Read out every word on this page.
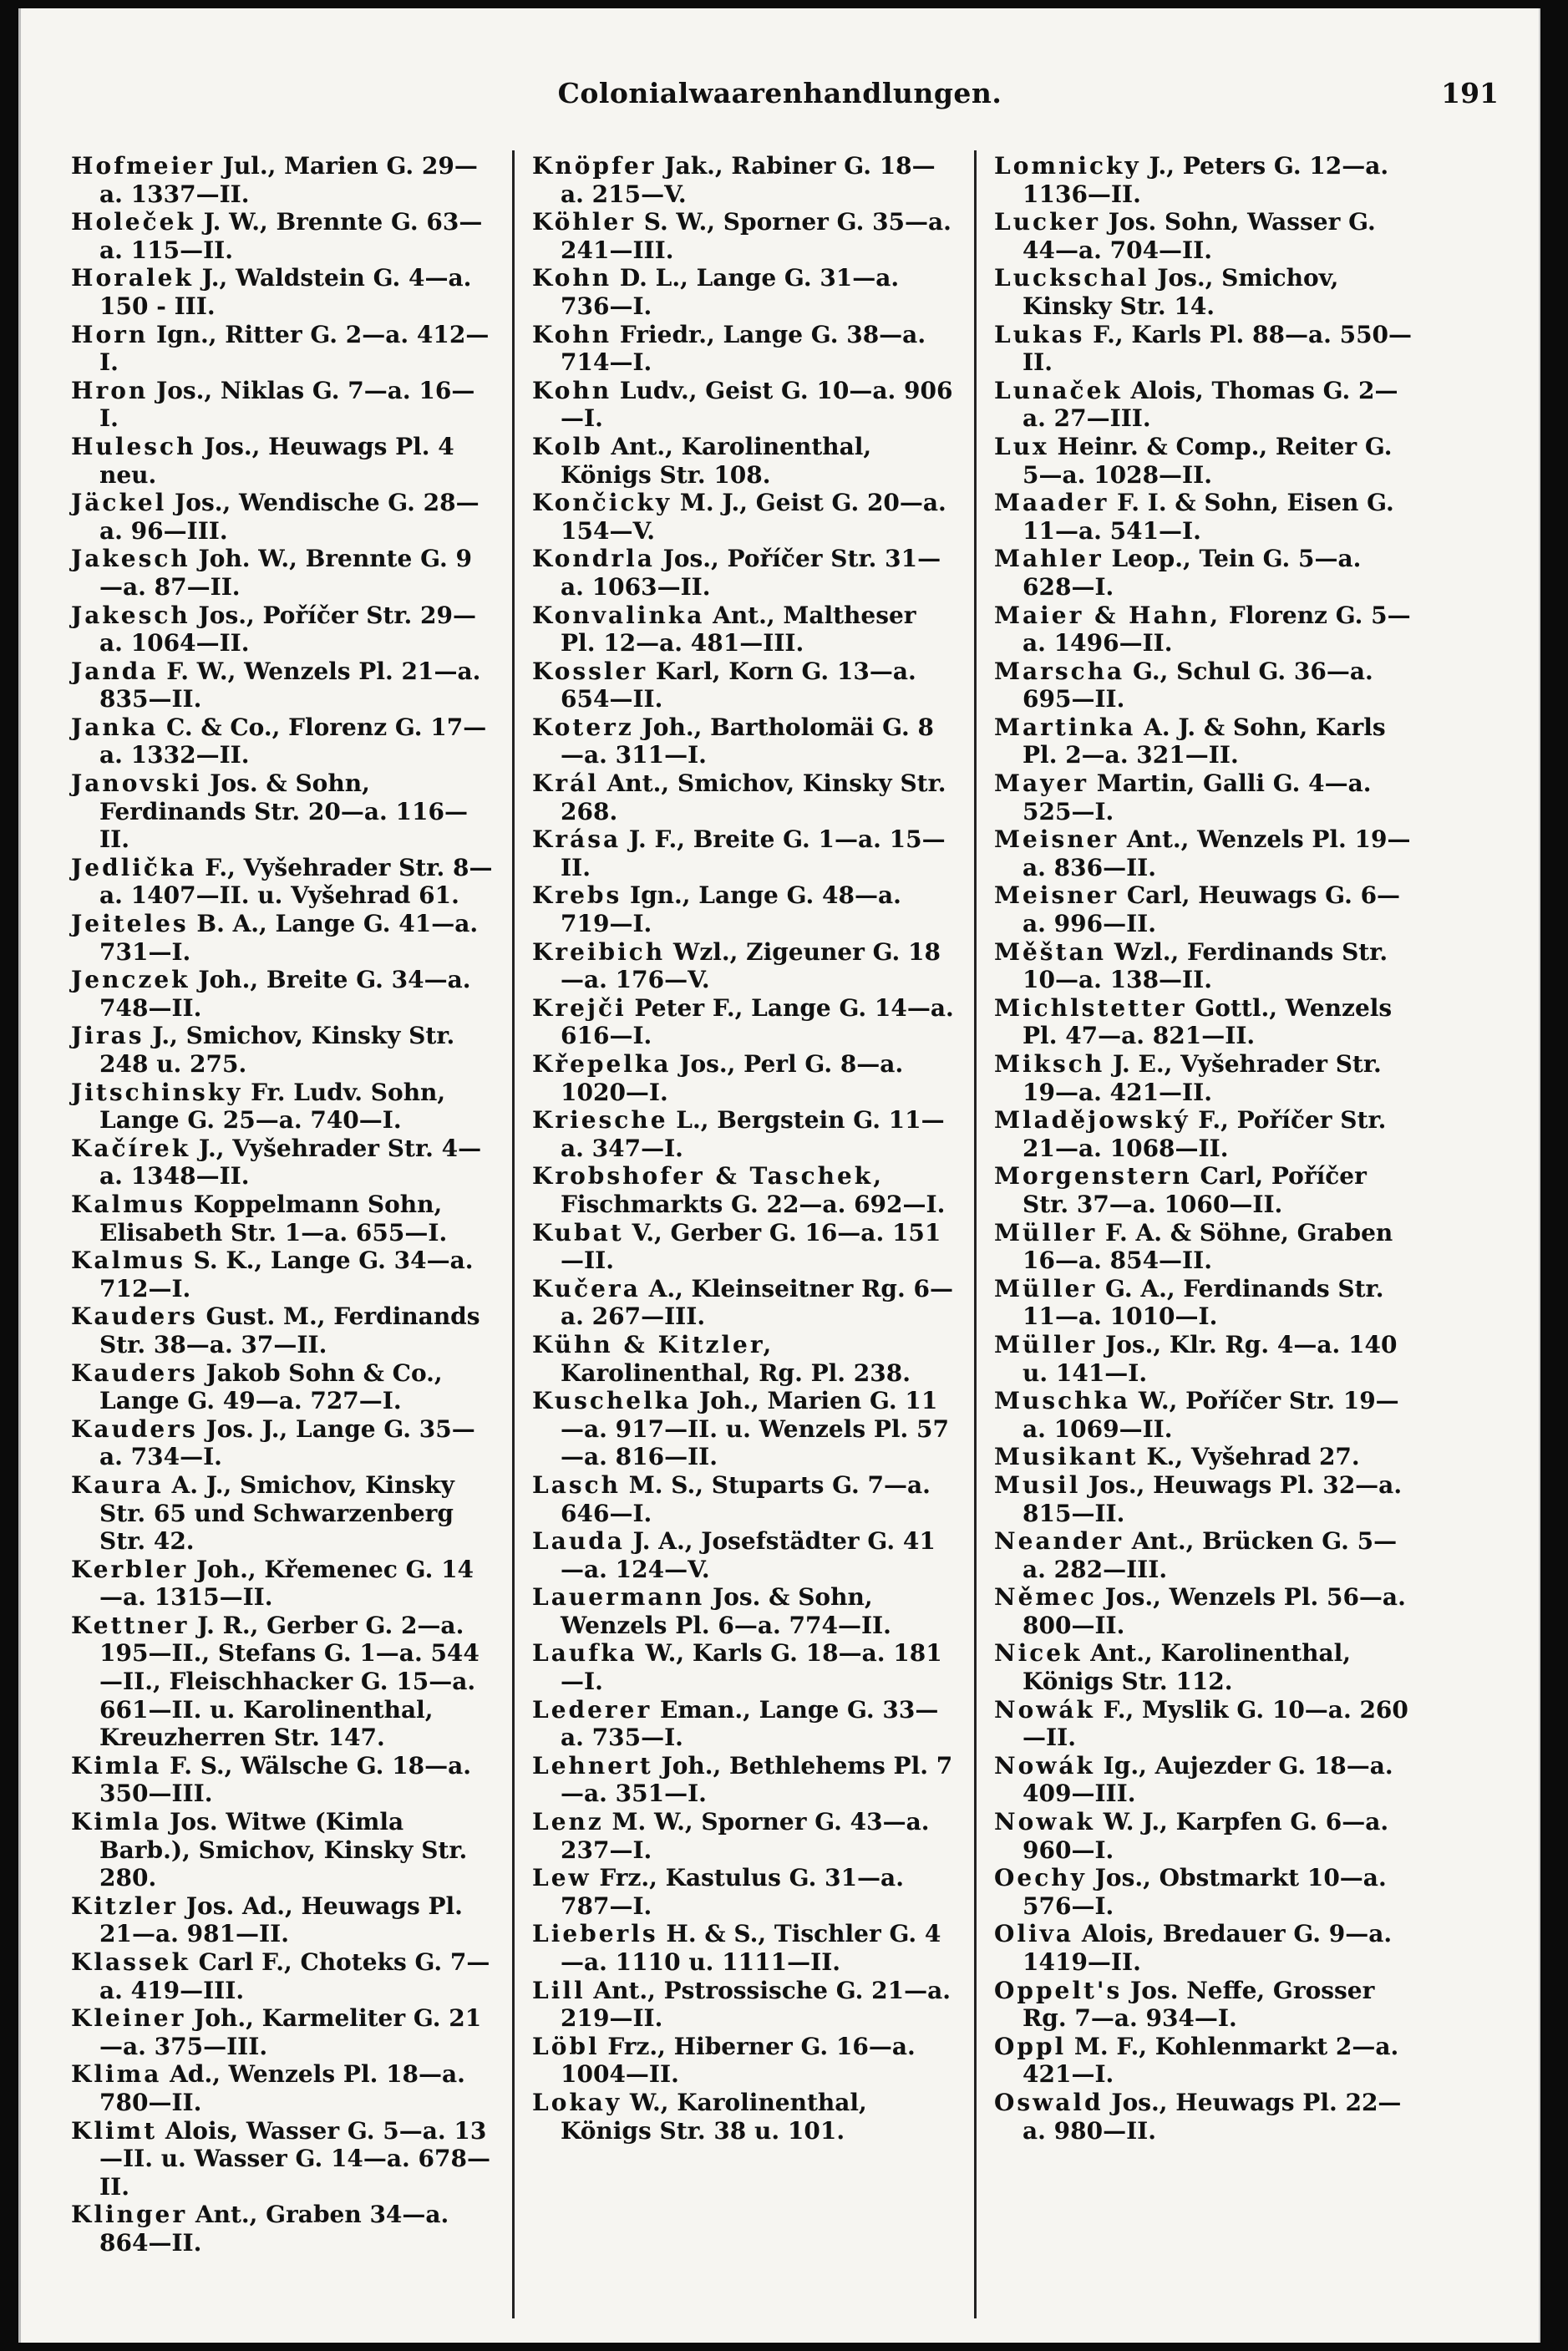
Colonialwaarenhandlungen.	191

Hofmeier Jul., Marien G. 29—a. 1337—II.

Holeček J. W., Brennte G. 63—a. 115—II.

Horalek J., Waldstein G. 4—a. 150 - III.

Horn Ign., Ritter G. 2—a. 412—I.

Hron Jos., Niklas G. 7—a. 16—I.

Hulesch Jos., Heuwags Pl. 4 neu.

Jäckel Jos., Wendische G. 28—a. 96—III.

Jakesch Joh. W., Brennte G. 9—a. 87—II.

Jakesch Jos., Poříčer Str. 29—a. 1064—II.

Janda F. W., Wenzels Pl. 21—a. 835—II.

Janka C. & Co., Florenz G. 17—a. 1332—II.

Janovski Jos. & Sohn, Ferdinands Str. 20—a. 116—II.

Jedlička F., Vyšehrader Str. 8—a. 1407—II. u. Vyšehrad 61.

Jeiteles B. A., Lange G. 41—a. 731—I.

Jenczek Joh., Breite G. 34—a. 748—II.

Jiras J., Smichov, Kinsky Str. 248 u. 275.

Jitschinsky Fr. Ludv. Sohn, Lange G. 25—a. 740—I.

Kačírek J., Vyšehrader Str. 4—a. 1348—II.

Kalmus Koppelmann Sohn, Elisabeth Str. 1—a. 655—I.

Kalmus S. K., Lange G. 34—a. 712—I.

Kauders Gust. M., Ferdinands Str. 38—a. 37—II.

Kauders Jakob Sohn & Co., Lange G. 49—a. 727—I.

Kauders Jos. J., Lange G. 35—a. 734—I.

Kaura A. J., Smichov, Kinsky Str. 65 und Schwarzenberg Str. 42.

Kerbler Joh., Křemenec G. 14—a. 1315—II.

Kettner J. R., Gerber G. 2—a. 195—II., Stefans G. 1—a. 544—II., Fleischhacker G. 15—a. 661—II. u. Karolinenthal, Kreuzherren Str. 147.

Kimla F. S., Wälsche G. 18—a. 350—III.

Kimla Jos. Witwe (Kimla Barb.), Smichov, Kinsky Str. 280.

Kitzler Jos. Ad., Heuwags Pl. 21—a. 981—II.

Klassek Carl F., Choteks G. 7—a. 419—III.

Kleiner Joh., Karmeliter G. 21—a. 375—III.

Klima Ad., Wenzels Pl. 18—a. 780—II.

Klimt Alois, Wasser G. 5—a. 13—II. u. Wasser G. 14—a. 678—II.

Klinger Ant., Graben 34—a. 864—II.

Knöpfer Jak., Rabiner G. 18—a. 215—V.

Köhler S. W., Sporner G. 35—a. 241—III.

Kohn D. L., Lange G. 31—a. 736—I.

Kohn Friedr., Lange G. 38—a. 714—I.

Kohn Ludv., Geist G. 10—a. 906—I.

Kolb Ant., Karolinenthal, Königs Str. 108.

Končicky M. J., Geist G. 20—a. 154—V.

Kondrla Jos., Poříčer Str. 31—a. 1063—II.

Konvalinka Ant., Maltheser Pl. 12—a. 481—III.

Kossler Karl, Korn G. 13—a. 654—II.

Koterz Joh., Bartholomäi G. 8—a. 311—I.

Král Ant., Smichov, Kinsky Str. 268.

Krása J. F., Breite G. 1—a. 15—II.

Krebs Ign., Lange G. 48—a. 719—I.

Kreibich Wzl., Zigeuner G. 18—a. 176—V.

Krejči Peter F., Lange G. 14—a. 616—I.

Křepelka Jos., Perl G. 8—a. 1020—I.

Kriesche L., Bergstein G. 11—a. 347—I.

Krobshofer & Taschek, Fischmarkts G. 22—a. 692—I.

Kubat V., Gerber G. 16—a. 151—II.

Kučera A., Kleinseitner Rg. 6—a. 267—III.

Kühn & Kitzler, Karolinenthal, Rg. Pl. 238.

Kuschelka Joh., Marien G. 11—a. 917—II. u. Wenzels Pl. 57—a. 816—II.

Lasch M. S., Stuparts G. 7—a. 646—I.

Lauda J. A., Josefstädter G. 41—a. 124—V.

Lauermann Jos. & Sohn, Wenzels Pl. 6—a. 774—II.

Laufka W., Karls G. 18—a. 181—I.

Lederer Eman., Lange G. 33—a. 735—I.

Lehnert Joh., Bethlehems Pl. 7—a. 351—I.

Lenz M. W., Sporner G. 43—a. 237—I.

Lew Frz., Kastulus G. 31—a. 787—I.

Lieberls H. & S., Tischler G. 4—a. 1110 u. 1111—II.

Lill Ant., Pstrossische G. 21—a. 219—II.

Löbl Frz., Hiberner G. 16—a. 1004—II.

Lokay W., Karolinenthal, Königs Str. 38 u. 101.

Lomnicky J., Peters G. 12—a. 1136—II.

Lucker Jos. Sohn, Wasser G. 44—a. 704—II.

Luckschal Jos., Smichov, Kinsky Str. 14.

Lukas F., Karls Pl. 88—a. 550—II.

Lunaček Alois, Thomas G. 2—a. 27—III.

Lux Heinr. & Comp., Reiter G. 5—a. 1028—II.

Maader F. I. & Sohn, Eisen G. 11—a. 541—I.

Mahler Leop., Tein G. 5—a. 628—I.

Maier & Hahn, Florenz G. 5—a. 1496—II.

Marscha G., Schul G. 36—a. 695—II.

Martinka A. J. & Sohn, Karls Pl. 2—a. 321—II.

Mayer Martin, Galli G. 4—a. 525—I.

Meisner Ant., Wenzels Pl. 19—a. 836—II.

Meisner Carl, Heuwags G. 6—a. 996—II.

Měštan Wzl., Ferdinands Str. 10—a. 138—II.

Michlstetter Gottl., Wenzels Pl. 47—a. 821—II.

Miksch J. E., Vyšehrader Str. 19—a. 421—II.

Mladějowský F., Poříčer Str. 21—a. 1068—II.

Morgenstern Carl, Poříčer Str. 37—a. 1060—II.

Müller F. A. & Söhne, Graben 16—a. 854—II.

Müller G. A., Ferdinands Str. 11—a. 1010—I.

Müller Jos., Klr. Rg. 4—a. 140 u. 141—I.

Muschka W., Poříčer Str. 19—a. 1069—II.

Musikant K., Vyšehrad 27.

Musil Jos., Heuwags Pl. 32—a. 815—II.

Neander Ant., Brücken G. 5—a. 282—III.

Němec Jos., Wenzels Pl. 56—a. 800—II.

Nicek Ant., Karolinenthal, Königs Str. 112.

Nowák F., Myslik G. 10—a. 260—II.

Nowák Ig., Aujezder G. 18—a. 409—III.

Nowak W. J., Karpfen G. 6—a. 960—I.

Oechy Jos., Obstmarkt 10—a. 576—I.

Oliva Alois, Bredauer G. 9—a. 1419—II.

Oppelt's Jos. Neffe, Grosser Rg. 7—a. 934—I.

Oppl M. F., Kohlenmarkt 2—a. 421—I.

Oswald Jos., Heuwags Pl. 22—a. 980—II.
